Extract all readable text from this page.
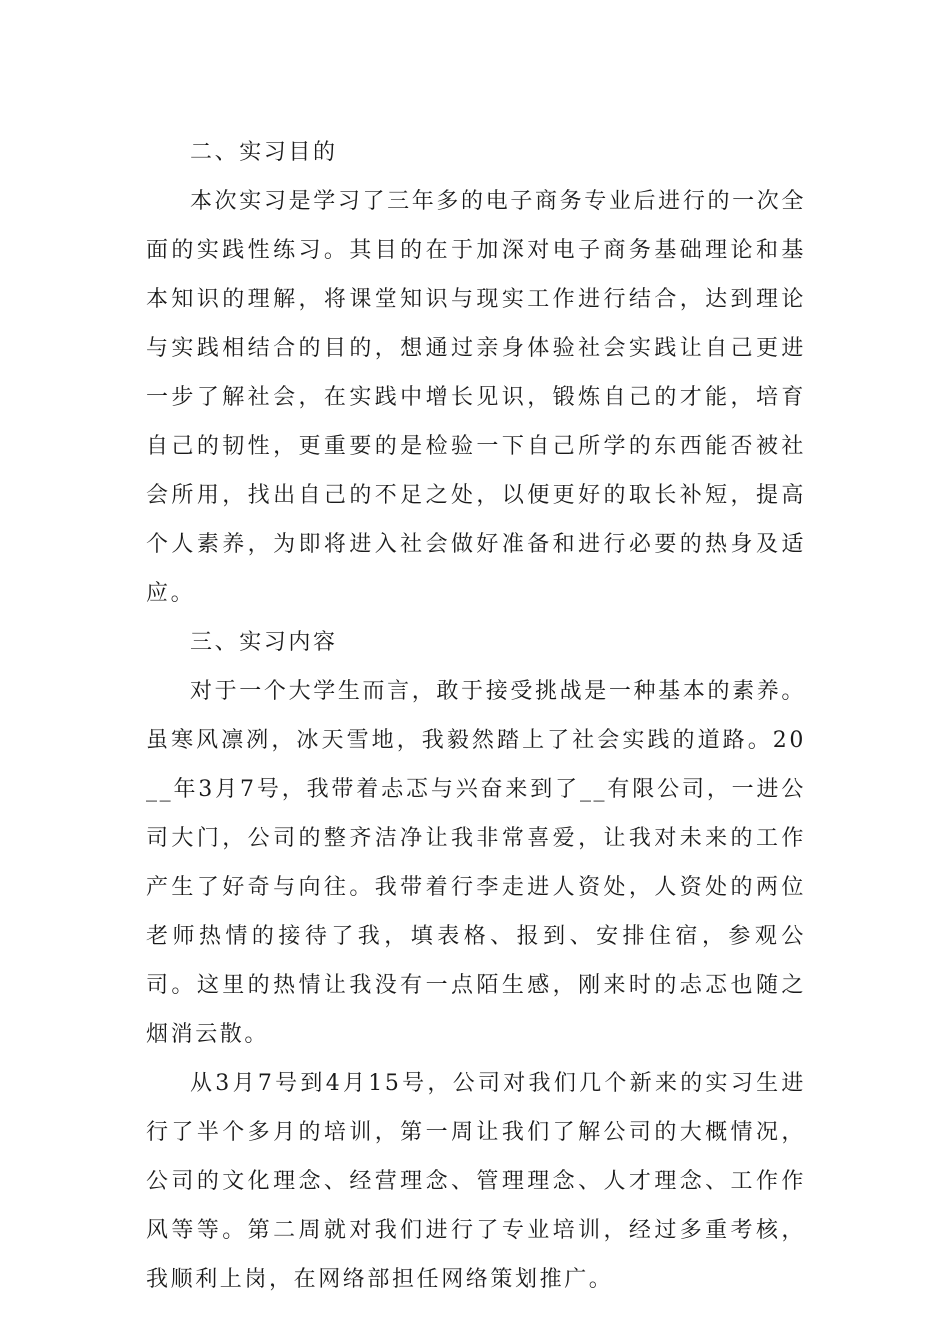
二、实习目的

本次实习是学习了三年多的电子商务专业后进行的一次全面的实践性练习。其目的在于加深对电子商务基础理论和基本知识的理解，将课堂知识与现实工作进行结合，达到理论与实践相结合的目的，想通过亲身体验社会实践让自己更进一步了解社会，在实践中增长见识，锻炼自己的才能，培育自己的韧性，更重要的是检验一下自己所学的东西能否被社会所用，找出自己的不足之处，以便更好的取长补短，提高个人素养，为即将进入社会做好准备和进行必要的热身及适应。

三、实习内容

对于一个大学生而言，敢于接受挑战是一种基本的素养。虽寒风凛冽，冰天雪地，我毅然踏上了社会实践的道路。20__年3月7号，我带着忐忑与兴奋来到了__有限公司，一进公司大门，公司的整齐洁净让我非常喜爱，让我对未来的工作产生了好奇与向往。我带着行李走进人资处，人资处的两位老师热情的接待了我，填表格、报到、安排住宿，参观公司。这里的热情让我没有一点陌生感，刚来时的忐忑也随之烟消云散。

从3月7号到4月15号，公司对我们几个新来的实习生进行了半个多月的培训，第一周让我们了解公司的大概情况，公司的文化理念、经营理念、管理理念、人才理念、工作作风等等。第二周就对我们进行了专业培训，经过多重考核，我顺利上岗，在网络部担任网络策划推广。
